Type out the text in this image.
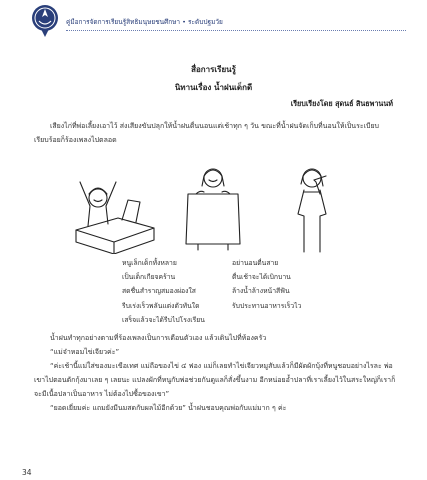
คู่มือการจัดการเรียนรู้สิทธิมนุษยชนศึกษา • ระดับปฐมวัย
สื่อการเรียนรู้
นิทานเรื่อง น้ำฝนเด็กดี
เรียบเรียงโดย สุดนธ์ สินธพานนท์
เสียงไก่ที่พ่อเลี้ยงเอาไว้ ส่งเสียงขันปลุกให้น้ำฝนตื่นนอนแต่เช้าทุก ๆ วัน ขณะที่น้ำฝนจัดเก็บที่นอนให้เป็นระเบียบเรียบร้อยก็ร้องเพลงไปตลอด
หนูเล็กเด็กทั้งหลาย
เป็นเด็กเกียจคร้าน
สดชื่นสำราญสมองผ่องใส
รีบเร่งเร็วพลันแต่งตัวทันใด
เสร็จแล้วจะได้รีบไปโรงเรียน
อย่านอนตื่นสาย
ตื่นเช้าจะได้เบิกบาน
ล้างน้ำล้างหน้าสีฟัน
รับประทานอาหารเร็วไว
น้ำฝนทำทุกอย่างตามที่ร้องเพลงเป็นการเตือนตัวเอง แล้วเดินไปที่ห้องครัว
“แม่จ๋าหอมไข่เจียวค่ะ”
“ค่ะเช้านี้แม่ใส่ของมะเขือเทศ แม่ถือของไข่ ๔ ฟอง แม่ก็เลยทำไข่เจียวหมูสับแล้วก็มีผัดผักบุ้งที่หนูชอบอย่างไรละ พ่อเขาไปตอนตักกุ้งมาเลย ๆ เลยนะ แปลงผักที่หนูกับพ่อช่วยกันดูแลก็สั่งขึ้นงาม อีกหน่อยอ้ำปลาที่เราเลี้ยงไว้ในสระใหญ่ก็เราก็จะมีเนื้อปลาเป็นอาหาร ไม่ต้องไปซื้อของเขา”
“ยอดเยี่ยมค่ะ แถมยังมีนมสดกับผลไม้อีกด้วย” น้ำฝนชอบคุณพ่อกับแม่มาก ๆ ค่ะ
34
